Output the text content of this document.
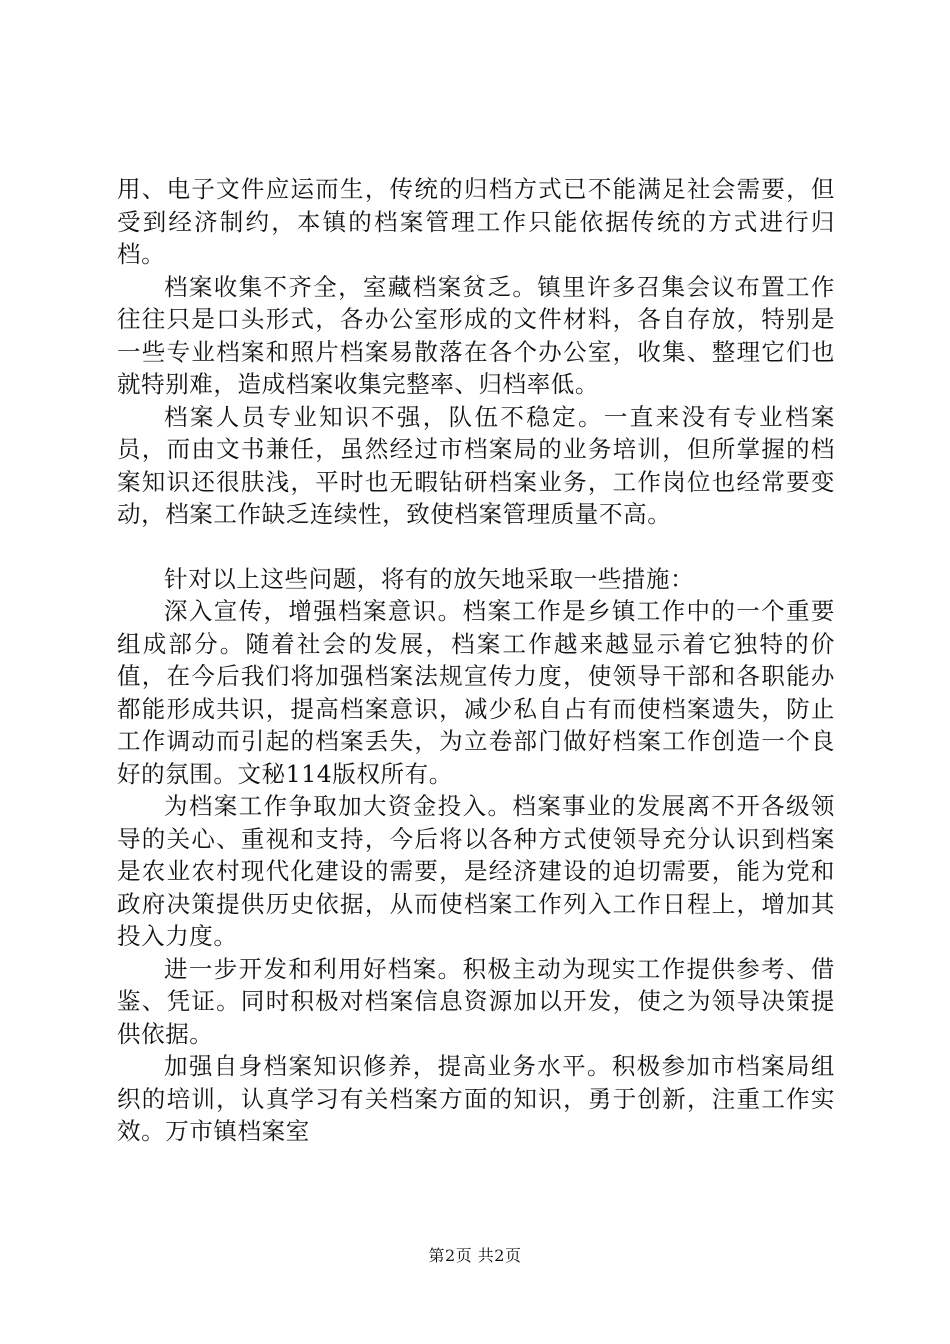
用、电子文件应运而生，传统的归档方式已不能满足社会需要，但受到经济制约，本镇的档案管理工作只能依据传统的方式进行归档。

档案收集不齐全，室藏档案贫乏。镇里许多召集会议布置工作往往只是口头形式，各办公室形成的文件材料，各自存放，特别是一些专业档案和照片档案易散落在各个办公室，收集、整理它们也就特别难，造成档案收集完整率、归档率低。

档案人员专业知识不强，队伍不稳定。一直来没有专业档案员，而由文书兼任，虽然经过市档案局的业务培训，但所掌握的档案知识还很肤浅，平时也无暇钻研档案业务，工作岗位也经常要变动，档案工作缺乏连续性，致使档案管理质量不高。

针对以上这些问题，将有的放矢地采取一些措施：

深入宣传，增强档案意识。档案工作是乡镇工作中的一个重要组成部分。随着社会的发展，档案工作越来越显示着它独特的价值，在今后我们将加强档案法规宣传力度，使领导干部和各职能办都能形成共识，提高档案意识，减少私自占有而使档案遗失，防止工作调动而引起的档案丢失，为立卷部门做好档案工作创造一个良好的氛围。文秘114版权所有。

为档案工作争取加大资金投入。档案事业的发展离不开各级领导的关心、重视和支持，今后将以各种方式使领导充分认识到档案是农业农村现代化建设的需要，是经济建设的迫切需要，能为党和政府决策提供历史依据，从而使档案工作列入工作日程上，增加其投入力度。

进一步开发和利用好档案。积极主动为现实工作提供参考、借鉴、凭证。同时积极对档案信息资源加以开发，使之为领导决策提供依据。

加强自身档案知识修养，提高业务水平。积极参加市档案局组织的培训，认真学习有关档案方面的知识，勇于创新，注重工作实效。万市镇档案室

第2页 共2页
